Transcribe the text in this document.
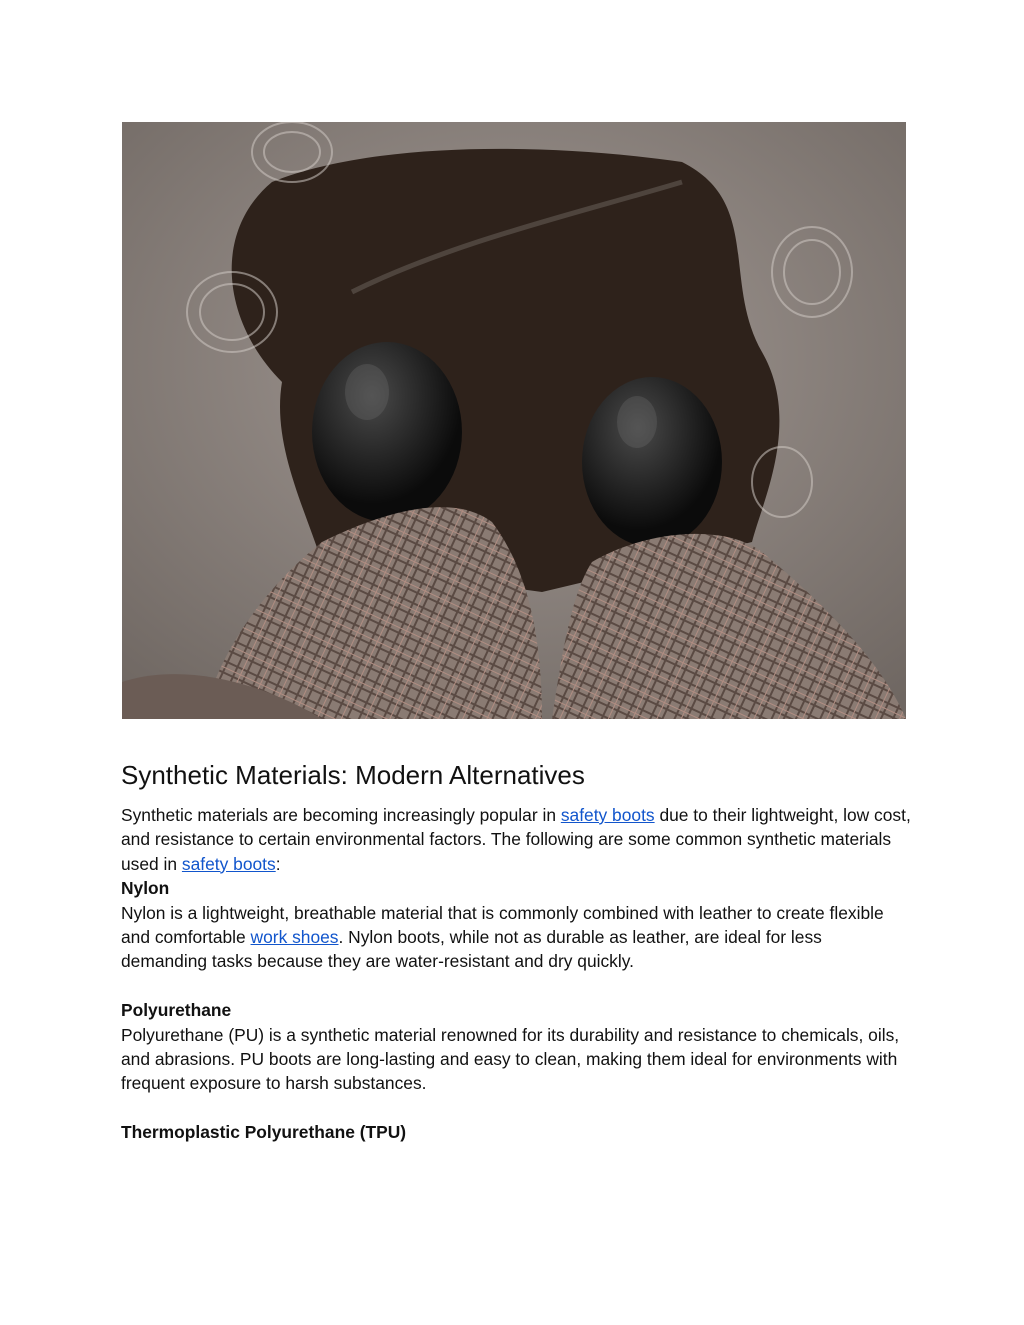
Synthetic Materials: Modern Alternatives

Synthetic materials are becoming increasingly popular in safety boots due to their lightweight, low cost, and resistance to certain environmental factors. The following are some common synthetic materials used in safety boots:

Nylon

Nylon is a lightweight, breathable material that is commonly combined with leather to create flexible and comfortable work shoes. Nylon boots, while not as durable as leather, are ideal for less demanding tasks because they are water-resistant and dry quickly.

Polyurethane

Polyurethane (PU) is a synthetic material renowned for its durability and resistance to chemicals, oils, and abrasions. PU boots are long-lasting and easy to clean, making them ideal for environments with frequent exposure to harsh substances.

Thermoplastic Polyurethane (TPU)
